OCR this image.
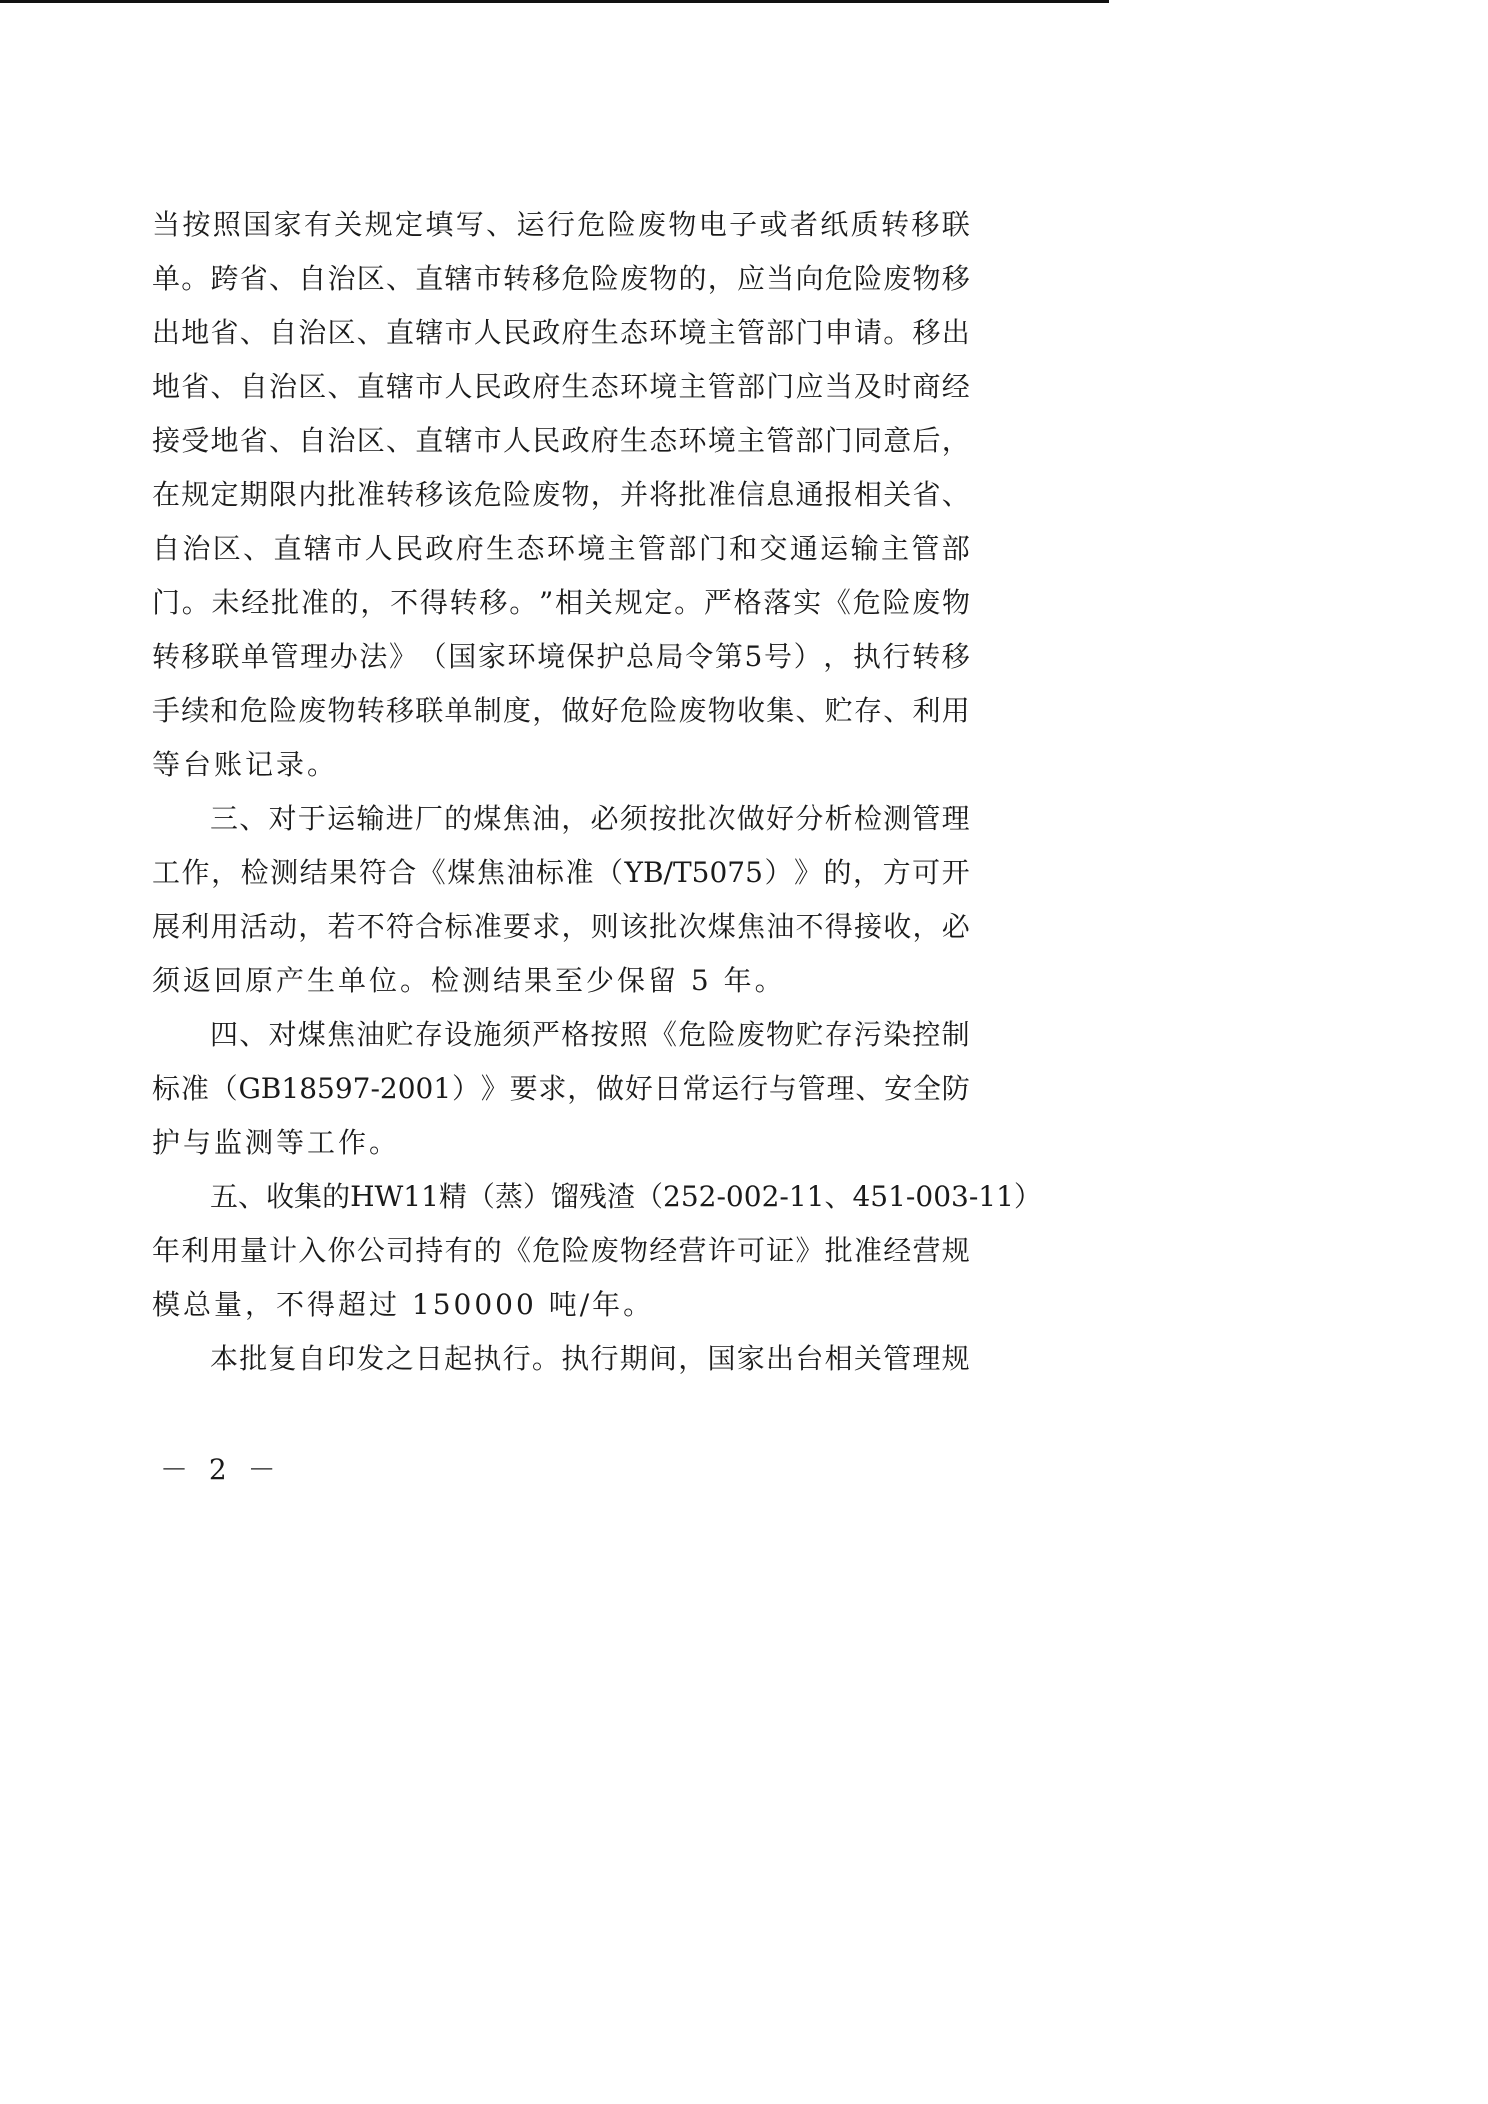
当 按 照 国 家 有 关 规 定 填 写 、 运 行 危 险 废 物 电 子 或 者 纸 质 转 移 联
单 。 跨 省 、 自 治 区 、 直 辖 市 转 移 危 险 废 物 的 ， 应 当 向 危 险 废 物 移
出 地 省 、 自 治 区 、 直 辖 市 人 民 政 府 生 态 环 境 主 管 部 门 申 请 。 移 出
地 省 、 自 治 区 、 直 辖 市 人 民 政 府 生 态 环 境 主 管 部 门 应 当 及 时 商 经
接 受 地 省 、 自 治 区 、 直 辖 市 人 民 政 府 生 态 环 境 主 管 部 门 同 意 后 ，
在 规 定 期 限 内 批 准 转 移 该 危 险 废 物 ， 并 将 批 准 信 息 通 报 相 关 省 、
自 治 区 、 直 辖 市 人 民 政 府 生 态 环 境 主 管 部 门 和 交 通 运 输 主 管 部
门 。 未 经 批 准 的 ， 不 得 转 移 。 ” 相 关 规 定 。 严 格 落 实 《 危 险 废 物
转 移 联 单 管 理 办 法 》 （ 国 家 环 境 保 护 总 局 令 第 5 号 ） ， 执 行 转 移
手 续 和 危 险 废 物 转 移 联 单 制 度 ， 做 好 危 险 废 物 收 集 、 贮 存 、 利 用
等台账记录。
三 、 对 于 运 输 进 厂 的 煤 焦 油 ， 必 须 按 批 次 做 好 分 析 检 测 管 理
工 作 ， 检 测 结 果 符 合 《 煤 焦 油 标 准 （ YB/T5075 ） 》 的 ， 方 可 开
展 利 用 活 动 ， 若 不 符 合 标 准 要 求 ， 则 该 批 次 煤 焦 油 不 得 接 收 ， 必
须返回原产生单位。检测结果至少保留 5 年。
四 、 对 煤 焦 油 贮 存 设 施 须 严 格 按 照 《 危 险 废 物 贮 存 污 染 控 制
标 准 （ GB18597-2001 ） 》 要 求 ， 做 好 日 常 运 行 与 管 理 、 安 全 防
护与监测等工作。
五 、 收 集 的 HW11 精 （ 蒸 ） 馏 残 渣 （ 252-002-11 、 451-003-11 ）
年 利 用 量 计 入 你 公 司 持 有 的 《 危 险 废 物 经 营 许 可 证 》 批 准 经 营 规
模总量，不得超过 150000 吨/年。
本 批 复 自 印 发 之 日 起 执 行 。 执 行 期 间 ， 国 家 出 台 相 关 管 理 规
－ 2 －
